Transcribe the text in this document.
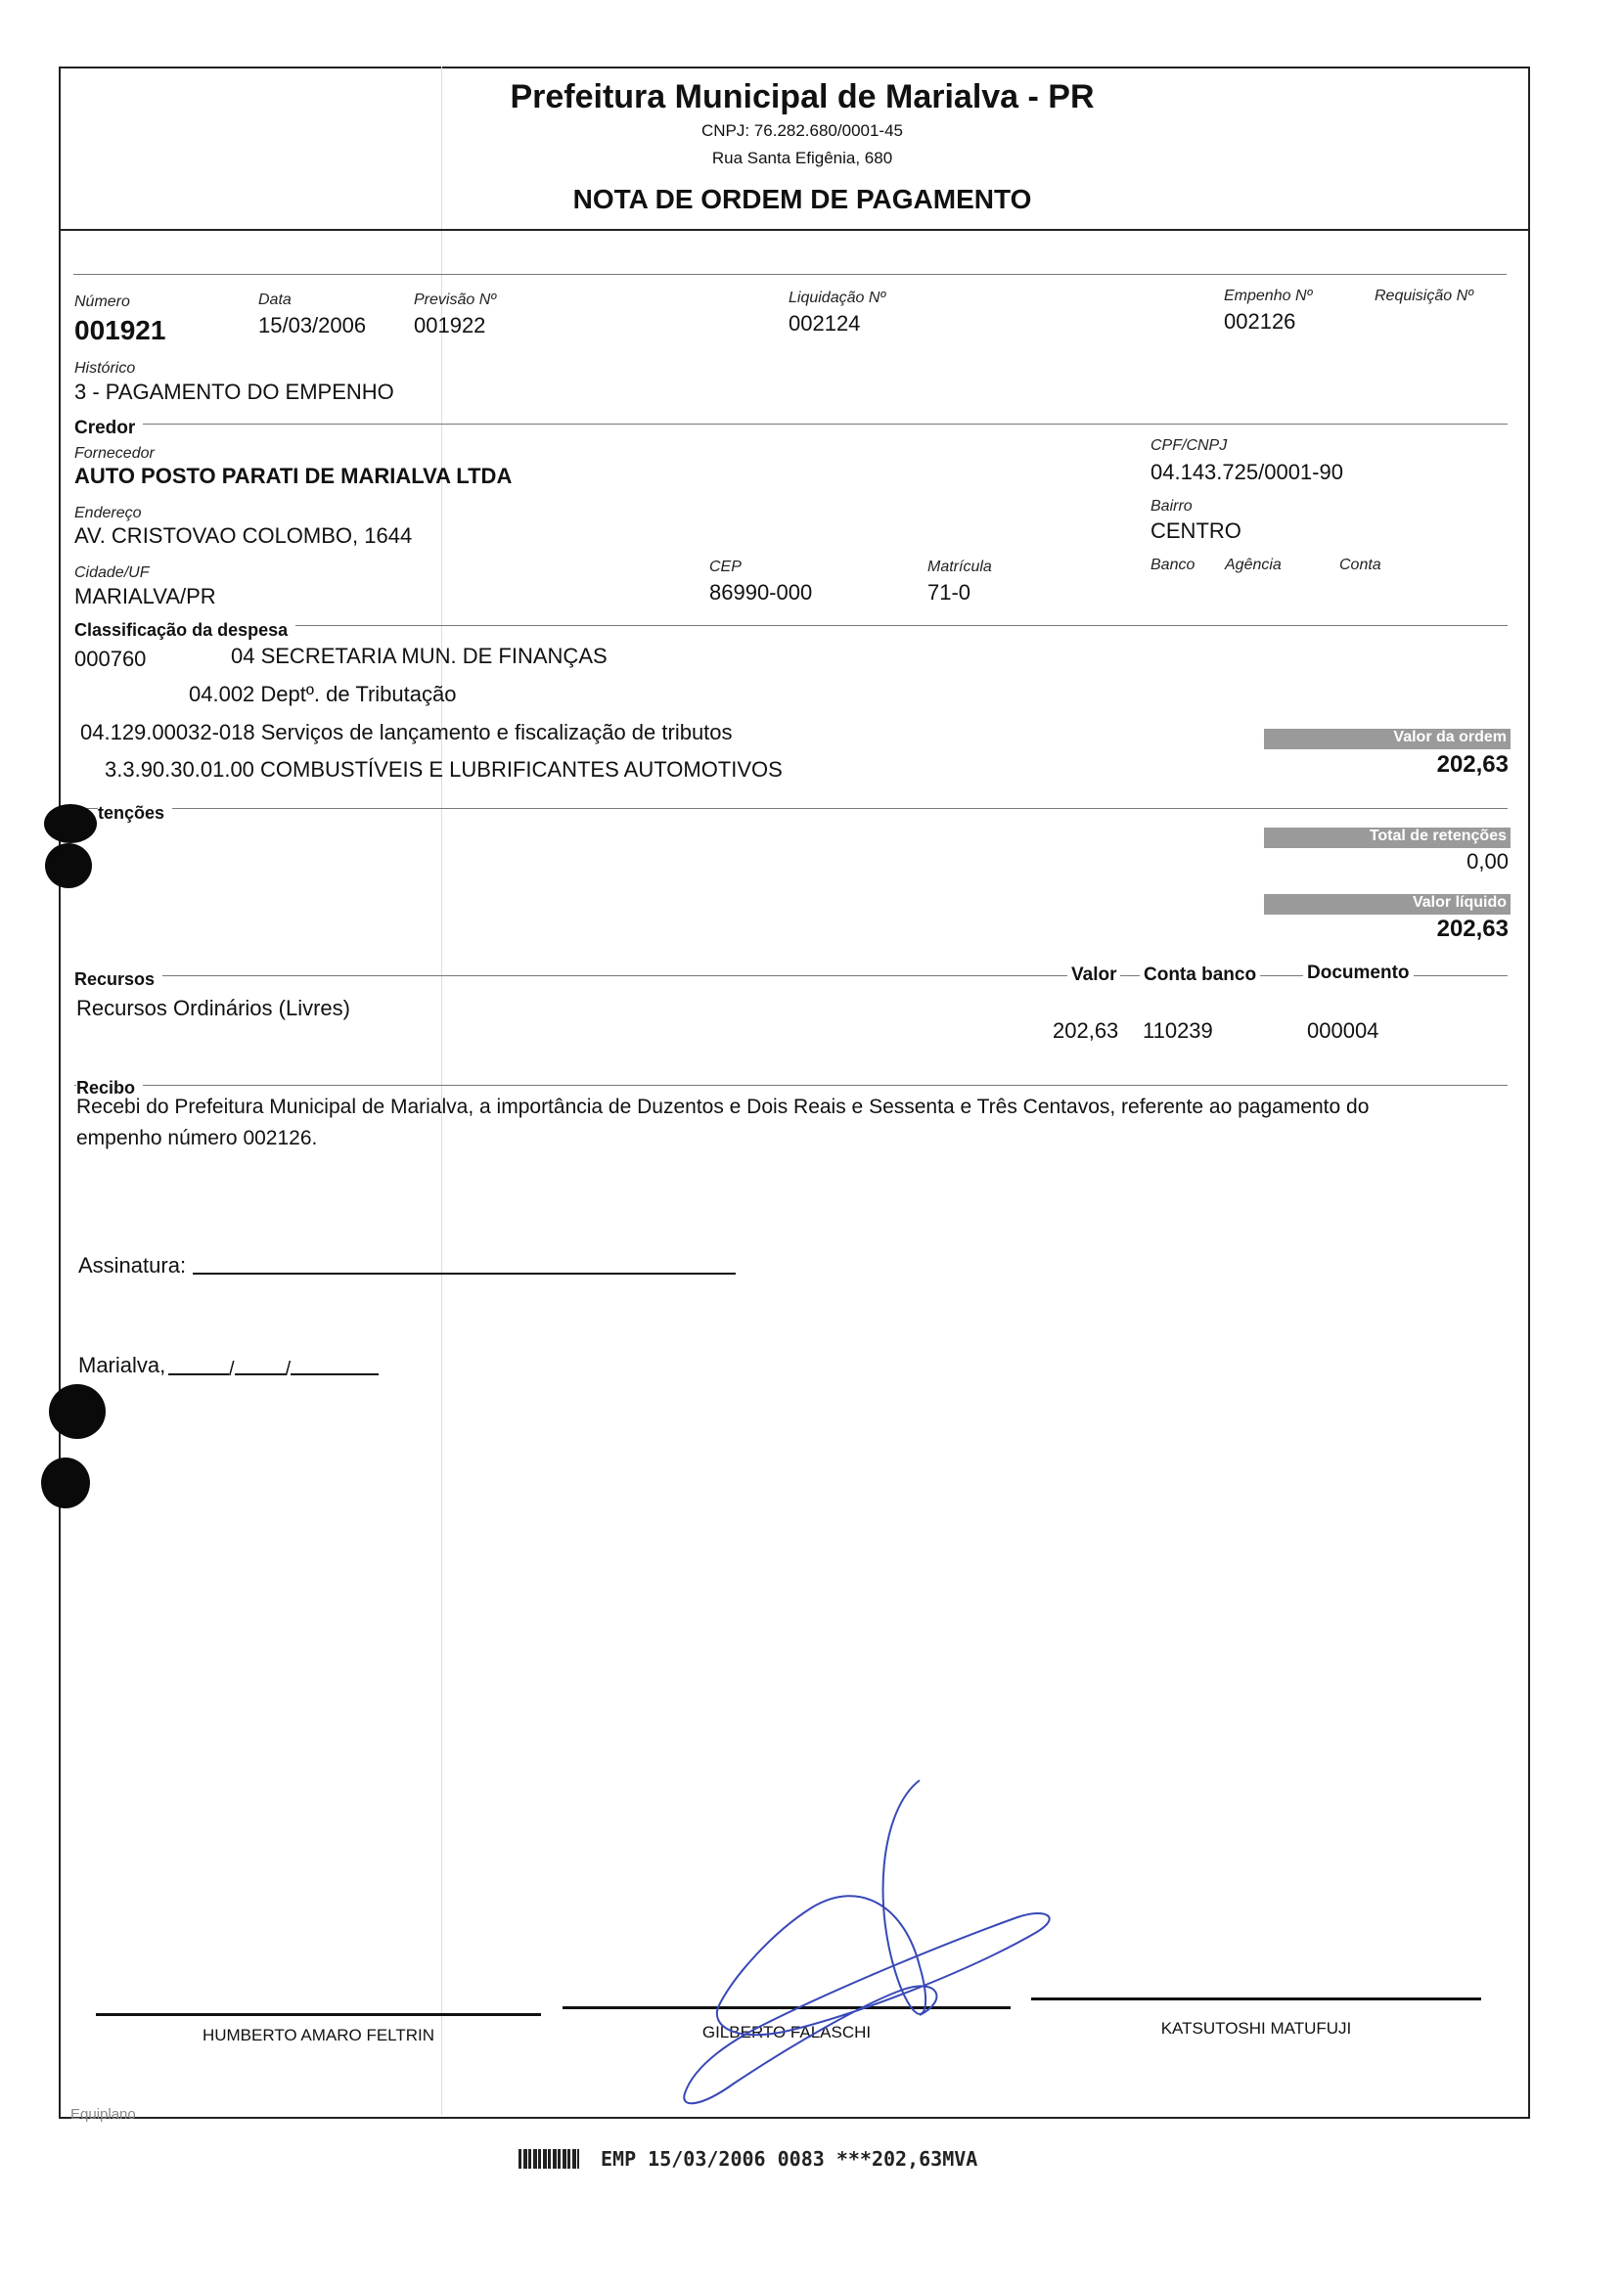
Prefeitura Municipal de Marialva - PR
CNPJ: 76.282.680/0001-45
Rua Santa Efigênia, 680
NOTA DE ORDEM DE PAGAMENTO
Número
001921
Data
15/03/2006
Previsão Nº
001922
Liquidação Nº
002124
Empenho Nº
002126
Requisição Nº
Histórico
3 - PAGAMENTO DO EMPENHO
Credor
Fornecedor
AUTO POSTO PARATI DE MARIALVA LTDA
CPF/CNPJ
04.143.725/0001-90
Endereço
AV. CRISTOVAO COLOMBO, 1644
Bairro
CENTRO
Cidade/UF
MARIALVA/PR
CEP
86990-000
Matrícula
71-0
Banco Agência	Conta
Classificação da despesa
000760	04 SECRETARIA MUN. DE FINANÇAS
04.002 Deptº. de Tributação
04.129.00032-018 Serviços de lançamento e fiscalização de tributos
3.3.90.30.01.00 COMBUSTÍVEIS E LUBRIFICANTES AUTOMOTIVOS
Valor da ordem
202,63
tenções
Total de retenções
0,00
Valor líquido
202,63
Recursos	Valor Conta banco	Documento
Recursos Ordinários (Livres)
202,63 110239	000004
Recibo
Recebi do Prefeitura Municipal de Marialva, a importância de Duzentos e Dois Reais e Sessenta e Três Centavos, referente ao pagamento do
empenho número 002126.
Assinatura:
Marialva,	/	/
HUMBERTO AMARO FELTRIN	GILBERTO FALASCHI	KATSUTOSHI MATUFUJI
Equiplano
EMP 15/03/2006 0083 ***202,63MVA
